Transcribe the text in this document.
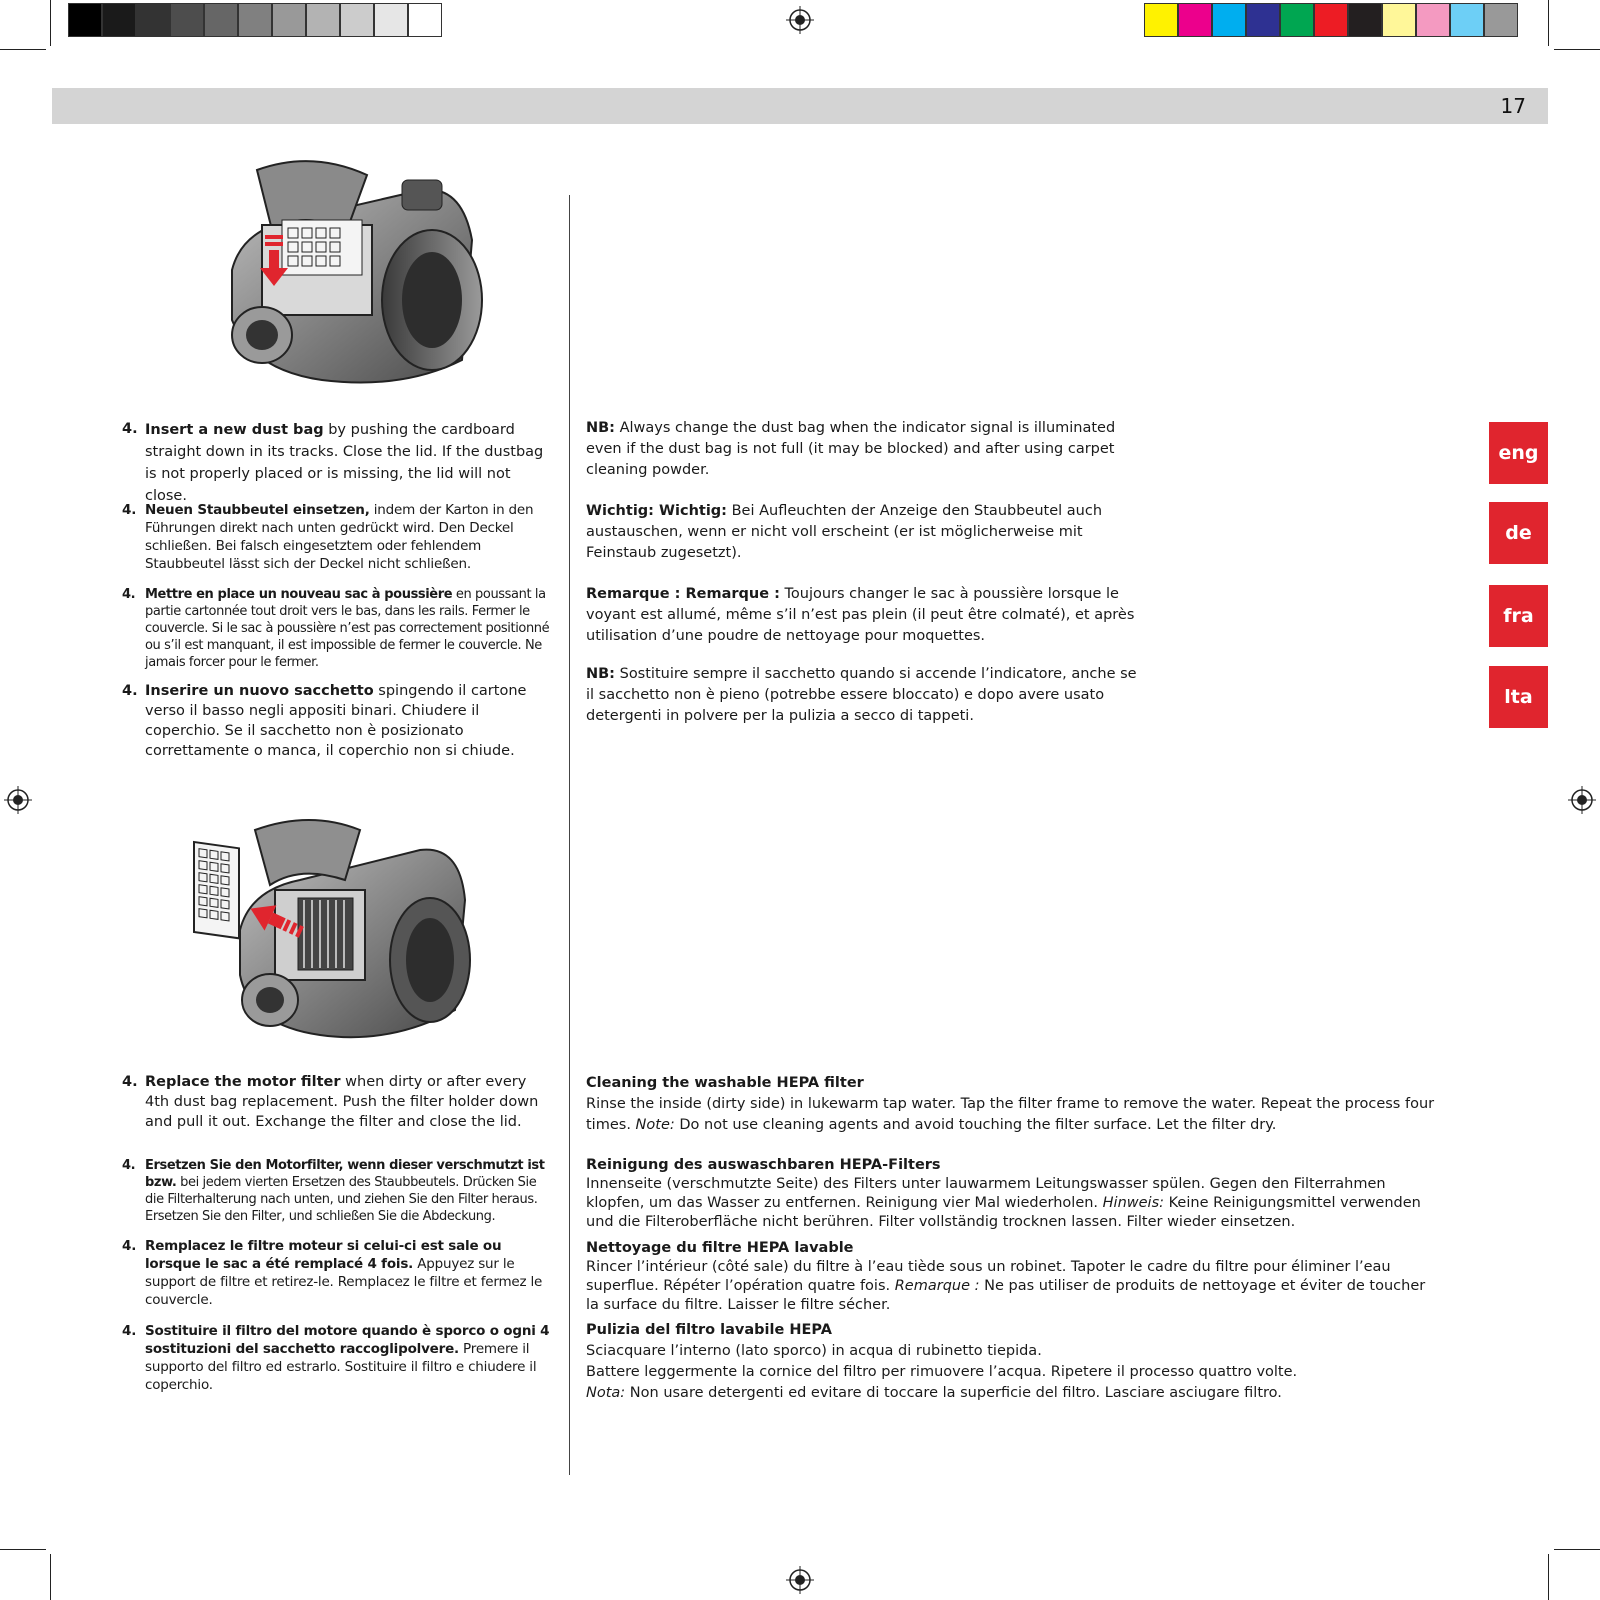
17
eng
de
fra
lta
4. Insert a new dust bag by pushing the cardboard straight down in its tracks. Close the lid. If the dustbag is not properly placed or is missing, the lid will not close.
4. Neuen Staubbeutel einsetzen, indem der Karton in den Führungen direkt nach unten gedrückt wird. Den Deckel schließen. Bei falsch eingesetztem oder fehlendem Staubbeutel lässt sich der Deckel nicht schließen.
4. Mettre en place un nouveau sac à poussière en poussant la partie cartonnée tout droit vers le bas, dans les rails. Fermer le couvercle. Si le sac à poussière n’est pas correctement positionné ou s’il est manquant, il est impossible de fermer le couvercle. Ne jamais forcer pour le fermer.
4. Inserire un nuovo sacchetto spingendo il cartone verso il basso negli appositi binari. Chiudere il coperchio. Se il sacchetto non è posizionato correttamente o manca, il coperchio non si chiude.
NB: Always change the dust bag when the indicator signal is illuminated even if the dust bag is not full (it may be blocked) and after using carpet cleaning powder.
Wichtig: Wichtig: Bei Aufleuchten der Anzeige den Staubbeutel auch austauschen, wenn er nicht voll erscheint (er ist möglicherweise mit Feinstaub zugesetzt).
Remarque : Remarque : Toujours changer le sac à poussière lorsque le voyant est allumé, même s’il n’est pas plein (il peut être colmaté), et après utilisation d’une poudre de nettoyage pour moquettes.
NB: Sostituire sempre il sacchetto quando si accende l’indicatore, anche se il sacchetto non è pieno (potrebbe essere bloccato) e dopo avere usato detergenti in polvere per la pulizia a secco di tappeti.
4. Replace the motor filter when dirty or after every 4th dust bag replacement. Push the filter holder down and pull it out. Exchange the filter and close the lid.
4. Ersetzen Sie den Motorfilter, wenn dieser verschmutzt ist bzw. bei jedem vierten Ersetzen des Staubbeutels. Drücken Sie die Filterhalterung nach unten, und ziehen Sie den Filter heraus. Ersetzen Sie den Filter, und schließen Sie die Abdeckung.
4. Remplacez le filtre moteur si celui-ci est sale ou lorsque le sac a été remplacé 4 fois. Appuyez sur le support de filtre et retirez-le. Remplacez le filtre et fermez le couvercle.
4. Sostituire il filtro del motore quando è sporco o ogni 4 sostituzioni del sacchetto raccoglipolvere. Premere il supporto del filtro ed estrarlo. Sostituire il filtro e chiudere il coperchio.
Cleaning the washable HEPA filter
Rinse the inside (dirty side) in lukewarm tap water. Tap the filter frame to remove the water. Repeat the process four times. Note: Do not use cleaning agents and avoid touching the filter surface. Let the filter dry.
Reinigung des auswaschbaren HEPA-Filters
Innenseite (verschmutzte Seite) des Filters unter lauwarmem Leitungswasser spülen. Gegen den Filterrahmen klopfen, um das Wasser zu entfernen. Reinigung vier Mal wiederholen. Hinweis: Keine Reinigungsmittel verwenden und die Filteroberfläche nicht berühren. Filter vollständig trocknen lassen. Filter wieder einsetzen.
Nettoyage du filtre HEPA lavable
Rincer l’intérieur (côté sale) du filtre à l’eau tiède sous un robinet. Tapoter le cadre du filtre pour éliminer l’eau superflue. Répéter l’opération quatre fois. Remarque : Ne pas utiliser de produits de nettoyage et éviter de toucher la surface du filtre. Laisser le filtre sécher.
Pulizia del filtro lavabile HEPA
Sciacquare l’interno (lato sporco) in acqua di rubinetto tiepida.
Battere leggermente la cornice del filtro per rimuovere l’acqua. Ripetere il processo quattro volte.
Nota: Non usare detergenti ed evitare di toccare la superficie del filtro. Lasciare asciugare filtro.
